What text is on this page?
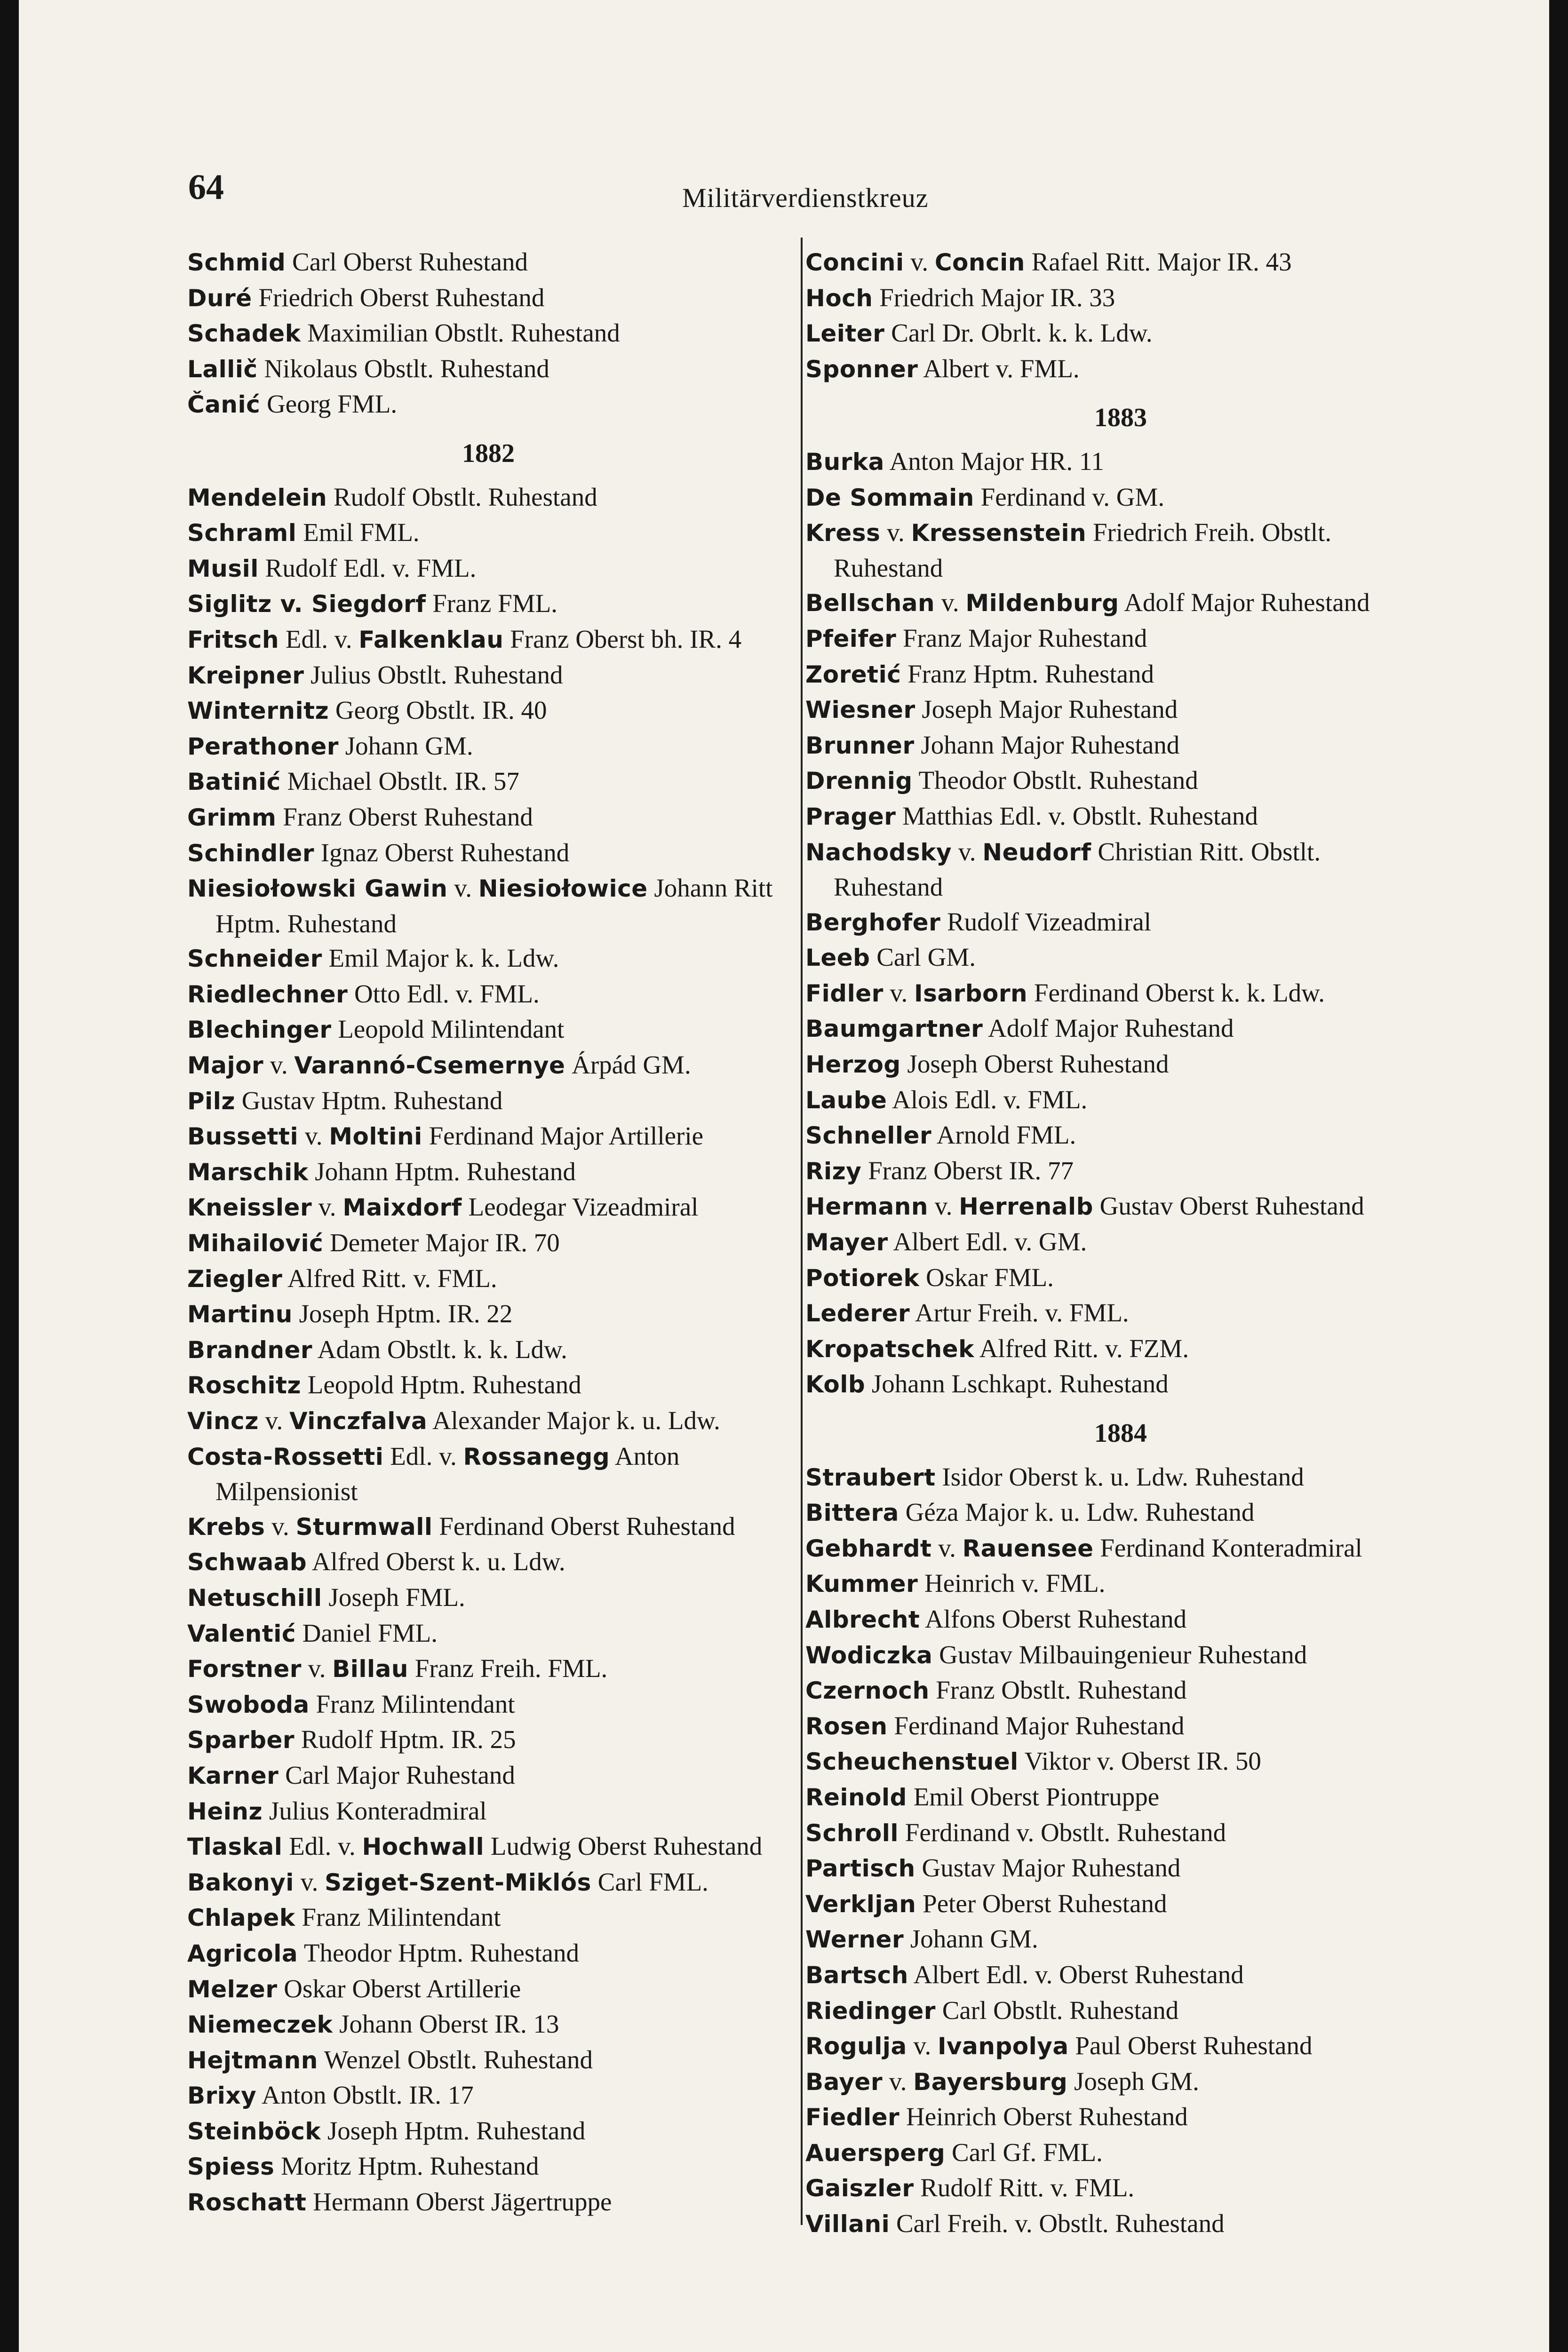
64	Militärverdienstkreuz

Schmid Carl Oberst Ruhestand

Duré Friedrich Oberst Ruhestand

Schadek Maximilian Obstlt. Ruhestand

Lallič Nikolaus Obstlt. Ruhestand

Čanić Georg FML.

1882

Mendelein Rudolf Obstlt. Ruhestand

Schraml Emil FML.

Musil Rudolf Edl. v. FML.

Siglitz v. Siegdorf Franz FML.

Fritsch Edl. v. Falkenklau Franz Oberst bh. IR. 4

Kreipner Julius Obstlt. Ruhestand

Winternitz Georg Obstlt. IR. 40

Perathoner Johann GM.

Batinić Michael Obstlt. IR. 57

Grimm Franz Oberst Ruhestand

Schindler Ignaz Oberst Ruhestand

Niesiołowski Gawin v. Niesiołowice Johann Ritt Hptm. Ruhestand

Schneider Emil Major k. k. Ldw.

Riedlechner Otto Edl. v. FML.

Blechinger Leopold Milintendant

Major v. Varannó-Csemernye Árpád GM.

Pilz Gustav Hptm. Ruhestand

Bussetti v. Moltini Ferdinand Major Artillerie

Marschik Johann Hptm. Ruhestand

Kneissler v. Maixdorf Leodegar Vizeadmiral

Mihailović Demeter Major IR. 70

Ziegler Alfred Ritt. v. FML.

Martinu Joseph Hptm. IR. 22

Brandner Adam Obstlt. k. k. Ldw.

Roschitz Leopold Hptm. Ruhestand

Vincz v. Vinczfalva Alexander Major k. u. Ldw.

Costa-Rossetti Edl. v. Rossanegg Anton Milpensionist

Krebs v. Sturmwall Ferdinand Oberst Ruhestand

Schwaab Alfred Oberst k. u. Ldw.

Netuschill Joseph FML.

Valentić Daniel FML.

Forstner v. Billau Franz Freih. FML.

Swoboda Franz Milintendant

Sparber Rudolf Hptm. IR. 25

Karner Carl Major Ruhestand

Heinz Julius Konteradmiral

Tlaskal Edl. v. Hochwall Ludwig Oberst Ruhestand

Bakonyi v. Sziget-Szent-Miklós Carl FML.

Chlapek Franz Milintendant

Agricola Theodor Hptm. Ruhestand

Melzer Oskar Oberst Artillerie

Niemeczek Johann Oberst IR. 13

Hejtmann Wenzel Obstlt. Ruhestand

Brixy Anton Obstlt. IR. 17

Steinböck Joseph Hptm. Ruhestand

Spiess Moritz Hptm. Ruhestand

Roschatt Hermann Oberst Jägertruppe

Concini v. Concin Rafael Ritt. Major IR. 43

Hoch Friedrich Major IR. 33

Leiter Carl Dr. Obrlt. k. k. Ldw.

Sponner Albert v. FML.

1883

Burka Anton Major HR. 11

De Sommain Ferdinand v. GM.

Kress v. Kressenstein Friedrich Freih. Obstlt. Ruhestand

Bellschan v. Mildenburg Adolf Major Ruhestand

Pfeifer Franz Major Ruhestand

Zoretić Franz Hptm. Ruhestand

Wiesner Joseph Major Ruhestand

Brunner Johann Major Ruhestand

Drennig Theodor Obstlt. Ruhestand

Prager Matthias Edl. v. Obstlt. Ruhestand

Nachodsky v. Neudorf Christian Ritt. Obstlt. Ruhestand

Berghofer Rudolf Vizeadmiral

Leeb Carl GM.

Fidler v. Isarborn Ferdinand Oberst k. k. Ldw.

Baumgartner Adolf Major Ruhestand

Herzog Joseph Oberst Ruhestand

Laube Alois Edl. v. FML.

Schneller Arnold FML.

Rizy Franz Oberst IR. 77

Hermann v. Herrenalb Gustav Oberst Ruhestand

Mayer Albert Edl. v. GM.

Potiorek Oskar FML.

Lederer Artur Freih. v. FML.

Kropatschek Alfred Ritt. v. FZM.

Kolb Johann Lschkapt. Ruhestand

1884

Straubert Isidor Oberst k. u. Ldw. Ruhestand

Bittera Géza Major k. u. Ldw. Ruhestand

Gebhardt v. Rauensee Ferdinand Konteradmiral

Kummer Heinrich v. FML.

Albrecht Alfons Oberst Ruhestand

Wodiczka Gustav Milbauingenieur Ruhestand

Czernoch Franz Obstlt. Ruhestand

Rosen Ferdinand Major Ruhestand

Scheuchenstuel Viktor v. Oberst IR. 50

Reinold Emil Oberst Piontruppe

Schroll Ferdinand v. Obstlt. Ruhestand

Partisch Gustav Major Ruhestand

Verkljan Peter Oberst Ruhestand

Werner Johann GM.

Bartsch Albert Edl. v. Oberst Ruhestand

Riedinger Carl Obstlt. Ruhestand

Rogulja v. Ivanpolya Paul Oberst Ruhestand

Bayer v. Bayersburg Joseph GM.

Fiedler Heinrich Oberst Ruhestand

Auersperg Carl Gf. FML.

Gaiszler Rudolf Ritt. v. FML.

Villani Carl Freih. v. Obstlt. Ruhestand
